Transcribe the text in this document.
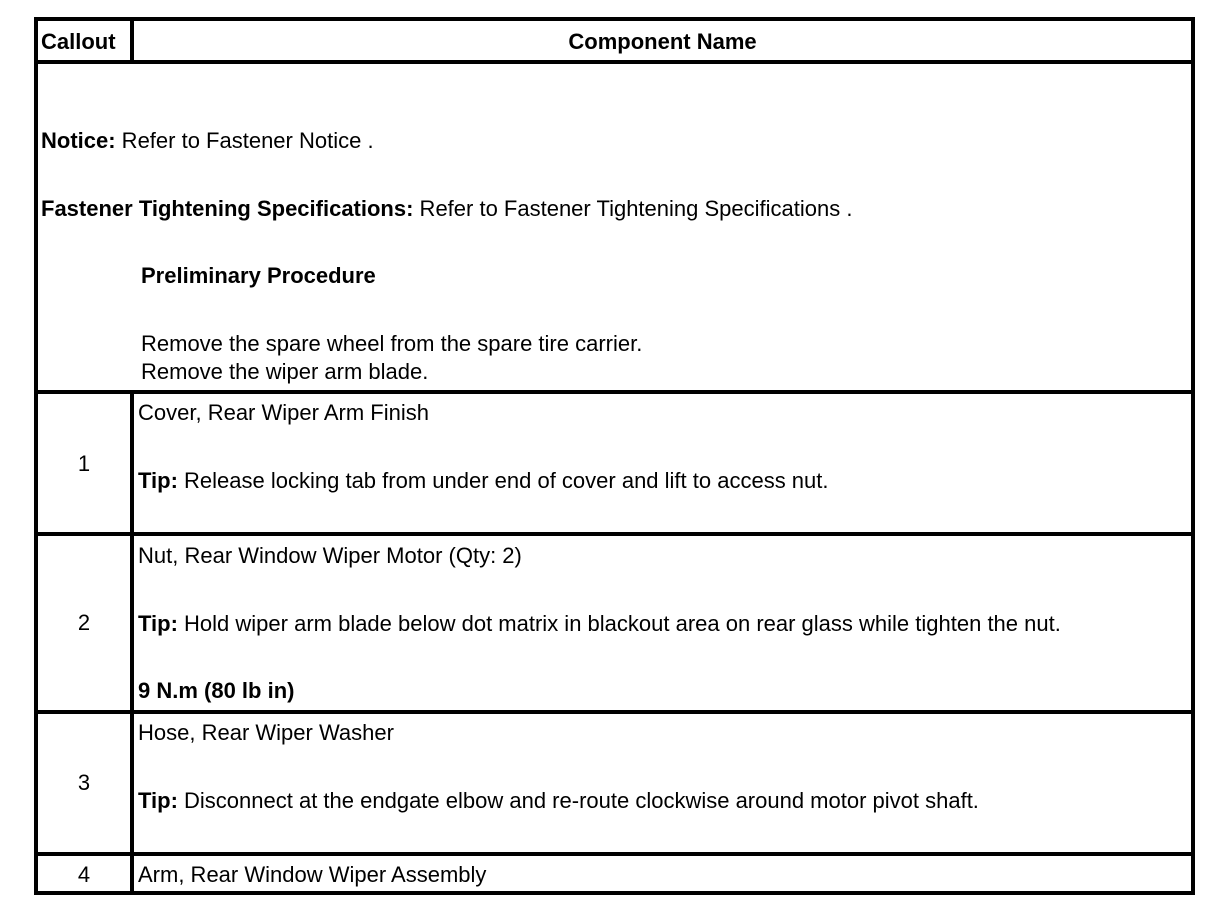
Callout	Component Name
Notice: Refer to Fastener Notice .
Fastener Tightening Specifications: Refer to Fastener Tightening Specifications .
Preliminary Procedure
Remove the spare wheel from the spare tire carrier.
Remove the wiper arm blade.
1
Cover, Rear Wiper Arm Finish
Tip: Release locking tab from under end of cover and lift to access nut.
2
Nut, Rear Window Wiper Motor (Qty: 2)
Tip: Hold wiper arm blade below dot matrix in blackout area on rear glass while tighten the nut.
9 N.m (80 lb in)
3
Hose, Rear Wiper Washer
Tip: Disconnect at the endgate elbow and re-route clockwise around motor pivot shaft.
4	Arm, Rear Window Wiper Assembly
